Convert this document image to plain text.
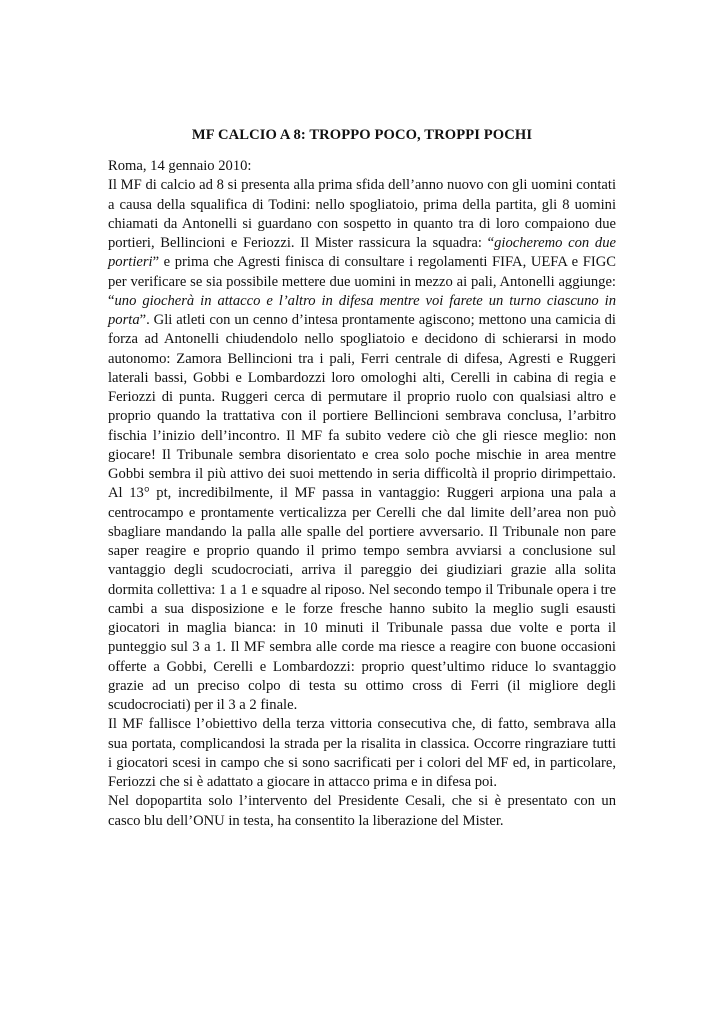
MF CALCIO A 8: TROPPO POCO, TROPPI POCHI

Roma, 14 gennaio 2010:

Il MF di calcio ad 8 si presenta alla prima sfida dell’anno nuovo con gli uomini contati a causa della squalifica di Todini: nello spogliatoio, prima della partita, gli 8 uomini chiamati da Antonelli si guardano con sospetto in quanto tra di loro compaiono due portieri, Bellincioni e Feriozzi. Il Mister rassicura la squadra: “giocheremo con due portieri” e prima che Agresti finisca di consultare i regolamenti FIFA, UEFA e FIGC per verificare se sia possibile mettere due uomini in mezzo ai pali, Antonelli aggiunge: “uno giocherà in attacco e l’altro in difesa mentre voi farete un turno ciascuno in porta”. Gli atleti con un cenno d’intesa prontamente agiscono; mettono una camicia di forza ad Antonelli chiudendolo nello spogliatoio e decidono di schierarsi in modo autonomo: Zamora Bellincioni tra i pali, Ferri centrale di difesa, Agresti e Ruggeri laterali bassi, Gobbi e Lombardozzi loro omologhi alti, Cerelli in cabina di regia e Feriozzi di punta. Ruggeri cerca di permutare il proprio ruolo con qualsiasi altro e proprio quando la trattativa con il portiere Bellincioni sembrava conclusa, l’arbitro fischia l’inizio dell’incontro. Il MF fa subito vedere ciò che gli riesce meglio: non giocare! Il Tribunale sembra disorientato e crea solo poche mischie in area mentre Gobbi sembra il più attivo dei suoi mettendo in seria difficoltà il proprio dirimpettaio. Al 13° pt, incredibilmente, il MF passa in vantaggio: Ruggeri arpiona una pala a centrocampo e prontamente verticalizza per Cerelli che dal limite dell’area non può sbagliare mandando la palla alle spalle del portiere avversario. Il Tribunale non pare saper reagire e proprio quando il primo tempo sembra avviarsi a conclusione sul vantaggio degli scudocrociati, arriva il pareggio dei giudiziari grazie alla solita dormita collettiva: 1 a 1 e squadre al riposo. Nel secondo tempo il Tribunale opera i tre cambi a sua disposizione e le forze fresche hanno subito la meglio sugli esausti giocatori in maglia bianca: in 10 minuti il Tribunale passa due volte e porta il punteggio sul 3 a 1. Il MF sembra alle corde ma riesce a reagire con buone occasioni offerte a Gobbi, Cerelli e Lombardozzi: proprio quest’ultimo riduce lo svantaggio grazie ad un preciso colpo di testa su ottimo cross di Ferri (il migliore degli scudocrociati) per il 3 a 2 finale.

Il MF fallisce l’obiettivo della terza vittoria consecutiva che, di fatto, sembrava alla sua portata, complicandosi la strada per la risalita in classica. Occorre ringraziare tutti i giocatori scesi in campo che si sono sacrificati per i colori del MF ed, in particolare, Feriozzi che si è adattato a giocare in attacco prima e in difesa poi.

Nel dopopartita solo l’intervento del Presidente Cesali, che si è presentato con un casco blu dell’ONU in testa, ha consentito la liberazione del Mister.
